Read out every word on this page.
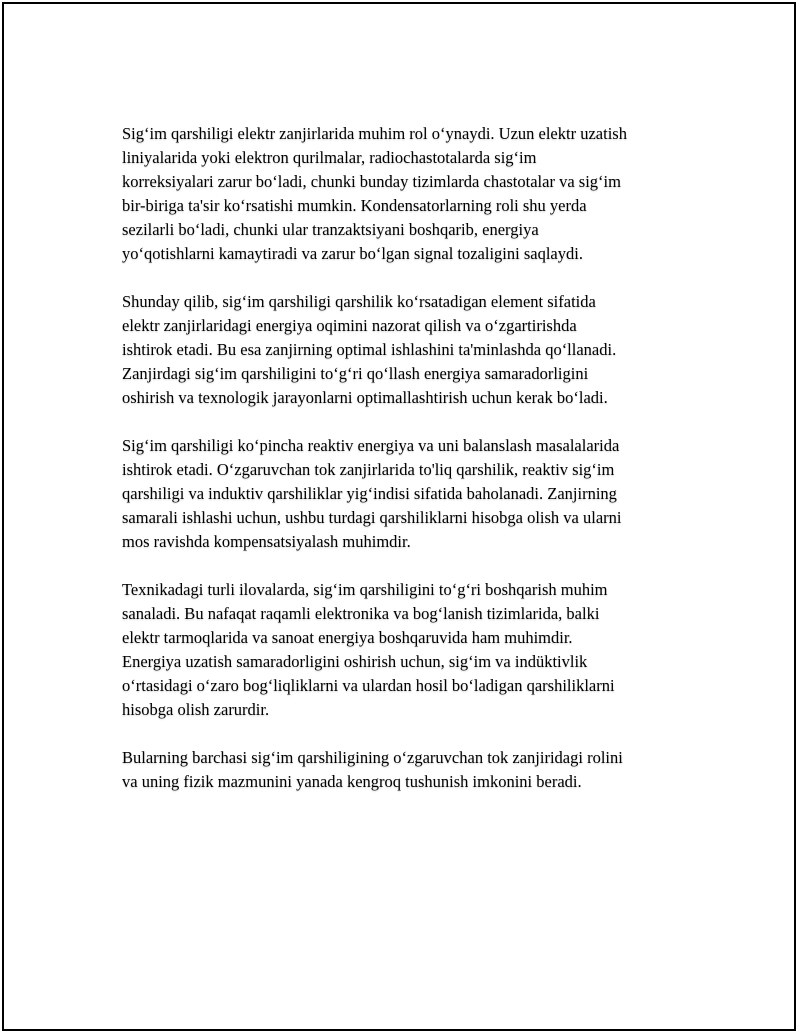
Sig‘im qarshiligi elektr zanjirlarida muhim rol o‘ynaydi. Uzun elektr uzatish
liniyalarida yoki elektron qurilmalar, radiochastotalarda sig‘im
korreksiyalari zarur bo‘ladi, chunki bunday tizimlarda chastotalar va sig‘im
bir-biriga ta'sir ko‘rsatishi mumkin. Kondensatorlarning roli shu yerda
sezilarli bo‘ladi, chunki ular tranzaktsiyani boshqarib, energiya
yo‘qotishlarni kamaytiradi va zarur bo‘lgan signal tozaligini saqlaydi.

Shunday qilib, sig‘im qarshiligi qarshilik ko‘rsatadigan element sifatida
elektr zanjirlaridagi energiya oqimini nazorat qilish va o‘zgartirishda
ishtirok etadi. Bu esa zanjirning optimal ishlashini ta'minlashda qo‘llanadi.
Zanjirdagi sig‘im qarshiligini to‘g‘ri qo‘llash energiya samaradorligini
oshirish va texnologik jarayonlarni optimallashtirish uchun kerak bo‘ladi.

Sig‘im qarshiligi ko‘pincha reaktiv energiya va uni balanslash masalalarida
ishtirok etadi. O‘zgaruvchan tok zanjirlarida to'liq qarshilik, reaktiv sig‘im
qarshiligi va induktiv qarshiliklar yig‘indisi sifatida baholanadi. Zanjirning
samarali ishlashi uchun, ushbu turdagi qarshiliklarni hisobga olish va ularni
mos ravishda kompensatsiyalash muhimdir.

Texnikadagi turli ilovalarda, sig‘im qarshiligini to‘g‘ri boshqarish muhim
sanaladi. Bu nafaqat raqamli elektronika va bog‘lanish tizimlarida, balki
elektr tarmoqlarida va sanoat energiya boshqaruvida ham muhimdir.
Energiya uzatish samaradorligini oshirish uchun, sig‘im va indüktivlik
o‘rtasidagi o‘zaro bog‘liqliklarni va ulardan hosil bo‘ladigan qarshiliklarni
hisobga olish zarurdir.

Bularning barchasi sig‘im qarshiligining o‘zgaruvchan tok zanjiridagi rolini
va uning fizik mazmunini yanada kengroq tushunish imkonini beradi.
